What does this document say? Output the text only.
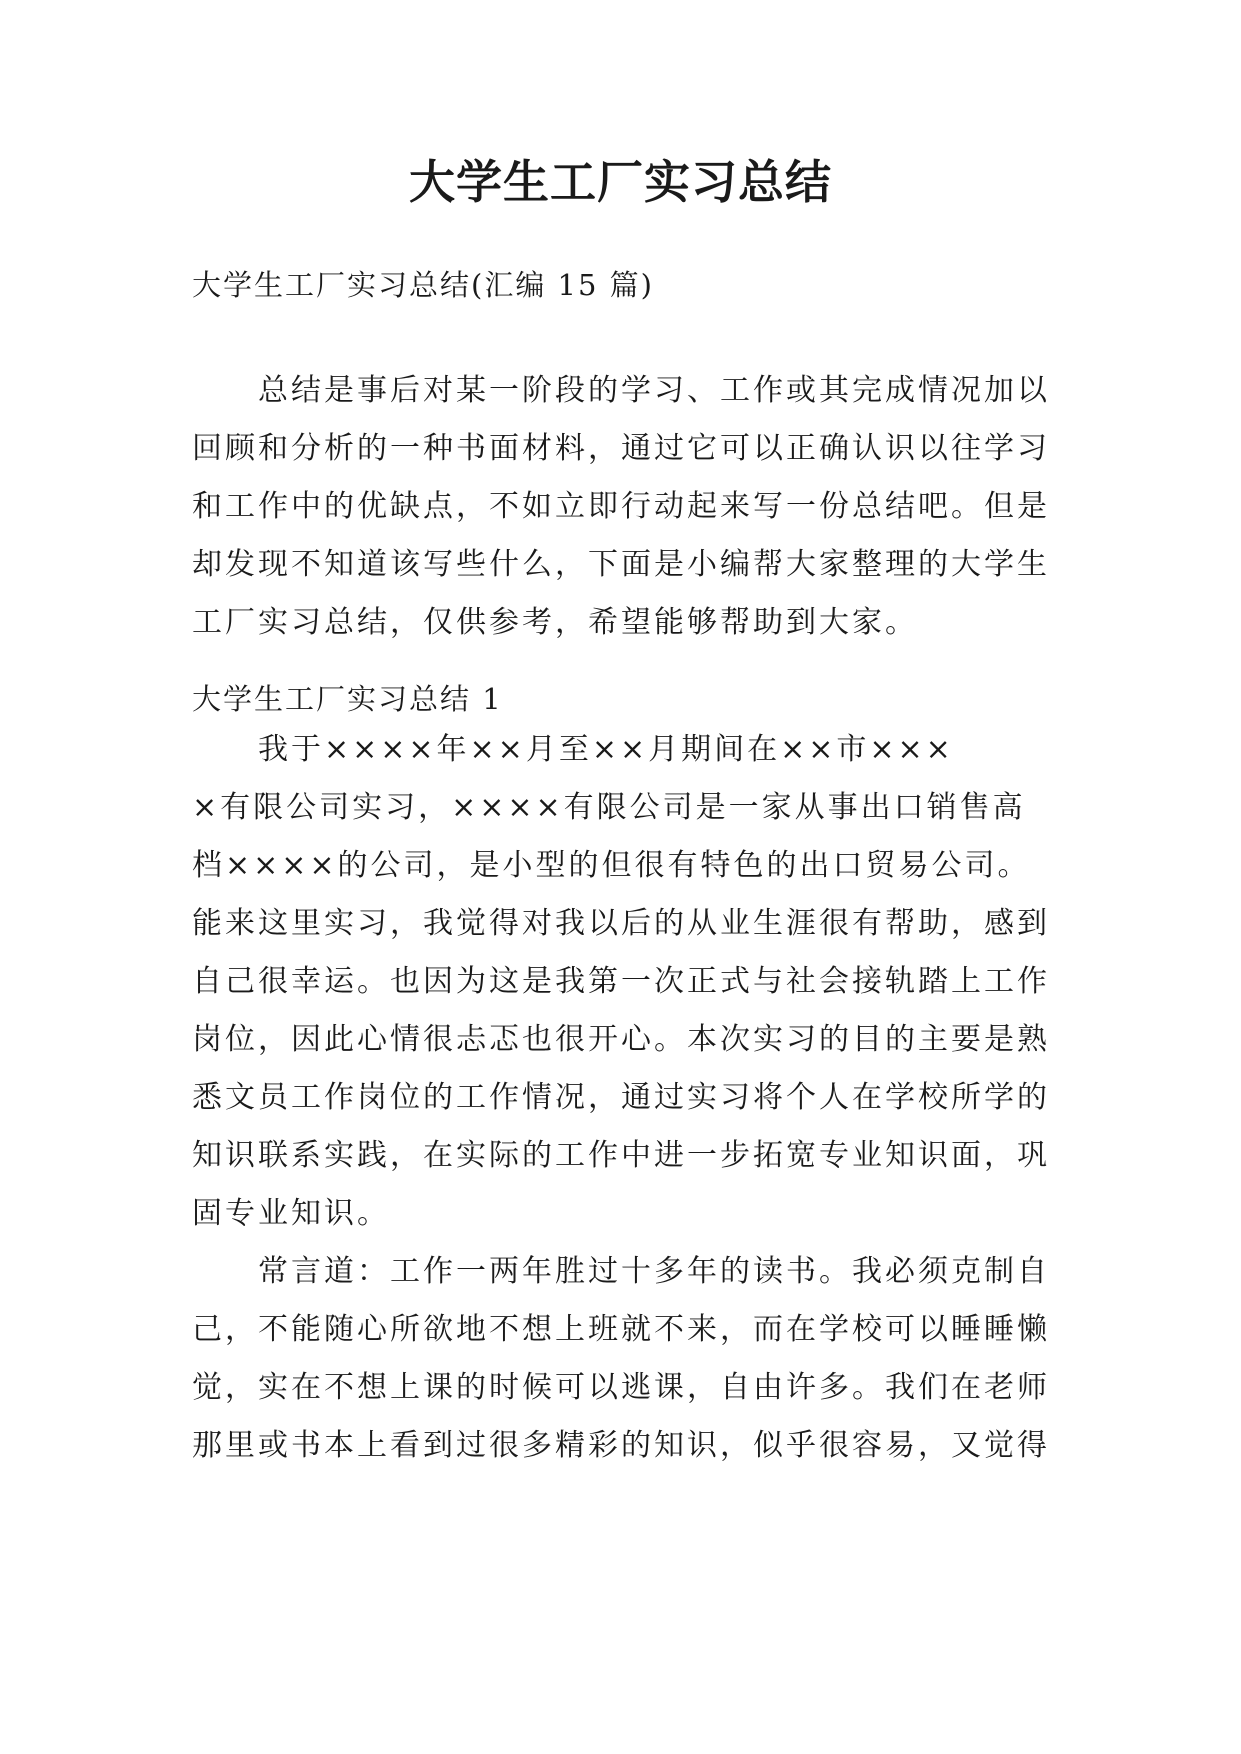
大学生工厂实习总结
大学生工厂实习总结(汇编 15 篇)
总结是事后对某一阶段的学习、工作或其完成情况加以
回顾和分析的一种书面材料，通过它可以正确认识以往学习
和工作中的优缺点，不如立即行动起来写一份总结吧。但是
却发现不知道该写些什么，下面是小编帮大家整理的大学生
工厂实习总结，仅供参考，希望能够帮助到大家。
大学生工厂实习总结 1
我于××××年××月至××月期间在××市×××
×有限公司实习，××××有限公司是一家从事出口销售高
档××××的公司，是小型的但很有特色的出口贸易公司。
能来这里实习，我觉得对我以后的从业生涯很有帮助，感到
自己很幸运。也因为这是我第一次正式与社会接轨踏上工作
岗位，因此心情很忐忑也很开心。本次实习的目的主要是熟
悉文员工作岗位的工作情况，通过实习将个人在学校所学的
知识联系实践，在实际的工作中进一步拓宽专业知识面，巩
固专业知识。
常言道：工作一两年胜过十多年的读书。我必须克制自
己，不能随心所欲地不想上班就不来，而在学校可以睡睡懒
觉，实在不想上课的时候可以逃课，自由许多。我们在老师
那里或书本上看到过很多精彩的知识，似乎很容易，又觉得
